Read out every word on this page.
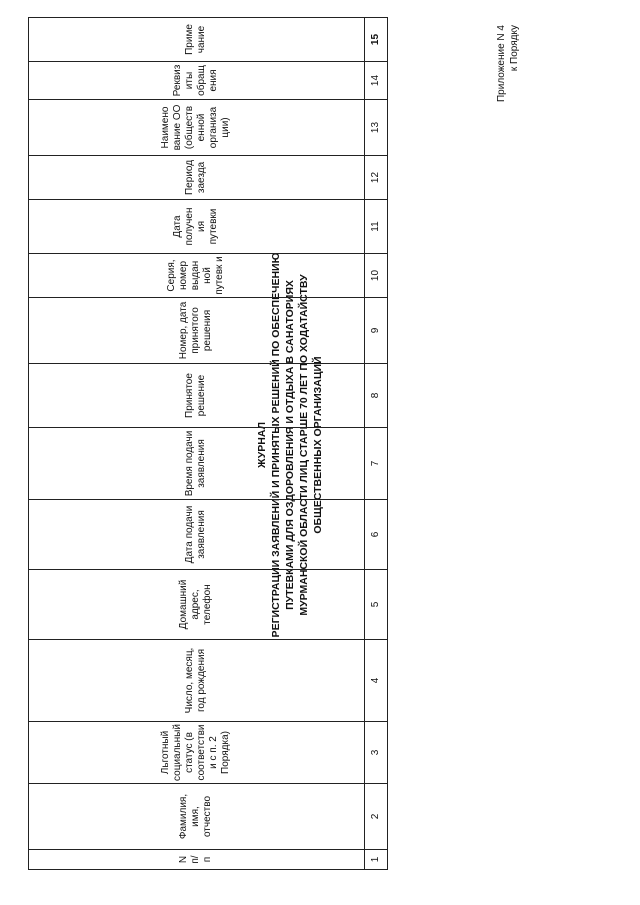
Приложение N 4 к Порядку
ЖУРНАЛ РЕГИСТРАЦИИ ЗАЯВЛЕНИЙ И ПРИНЯТЫХ РЕШЕНИЙ ПО ОБЕСПЕЧЕНИЮ ПУТЕВКАМИ ДЛЯ ОЗДОРОВЛЕНИЯ И ОТДЫХА В САНАТОРИЯХ МУРМАНСКОЙ ОБЛАСТИ ЛИЦ СТАРШЕ 70 ЛЕТ ПО ХОДАТАЙСТВУ ОБЩЕСТВЕННЫХ ОРГАНИЗАЦИЙ
N п/ п	Фамилия, имя, отчество	Льготный социальный статус (в соответстви и с п. 2 Порядка)	Число, месяц, год рождения	Домашний адрес, телефон	Дата подачи заявления	Время подачи заявления	Принятое решение	Номер, дата принятого решения	Серия, номер выдан ной путевк и	Дата получен ия путевки	Период заезда	Наимено вание ОО (обществ енной организа ции)	Реквиз иты обращ ения	Приме чание
1	2	3	4	5	6	7	8	9	10	11	12	13	14	15
